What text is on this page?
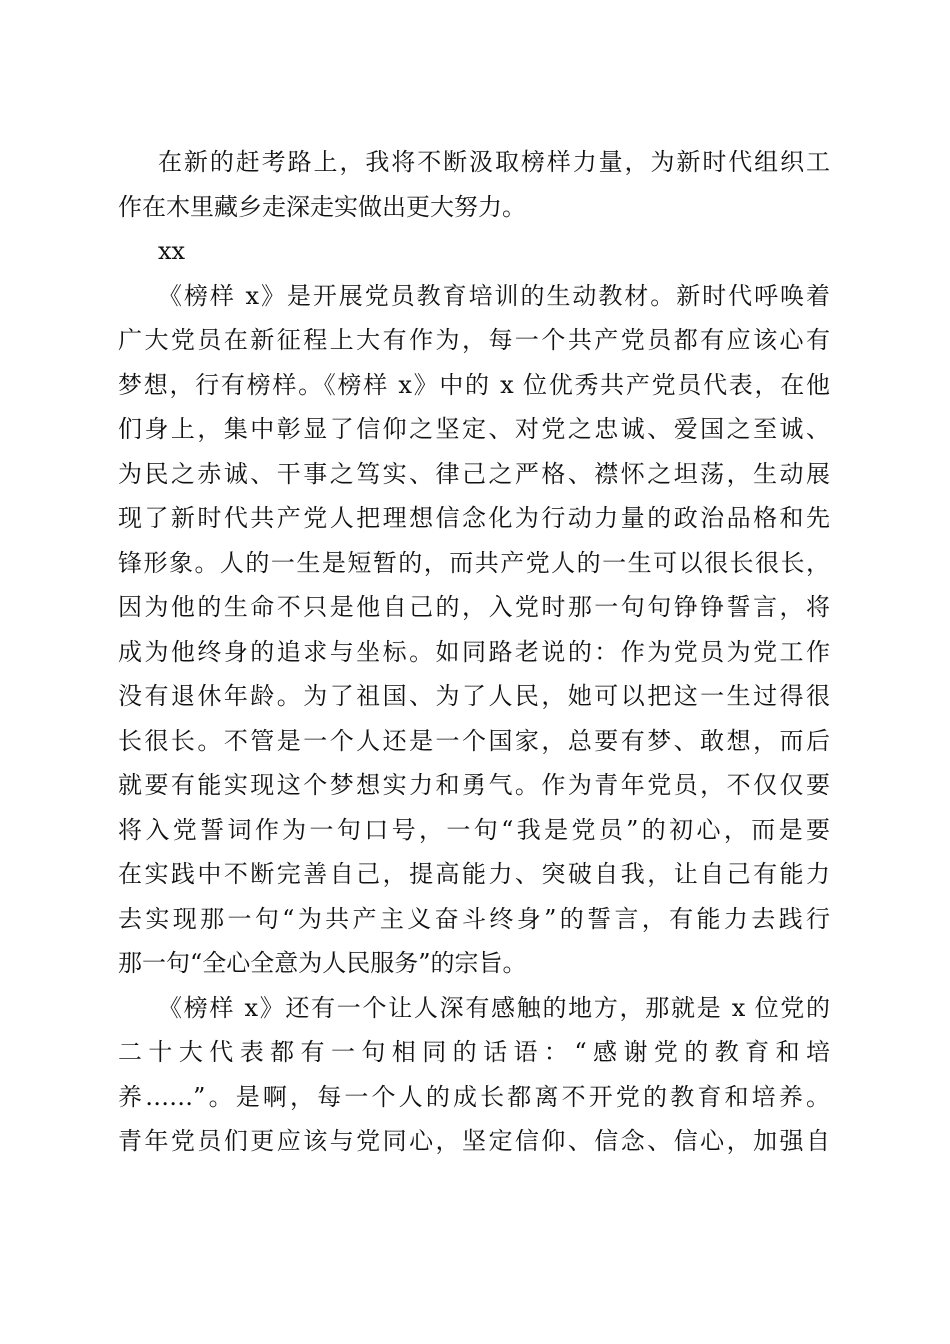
在新的赶考路上，我将不断汲取榜样力量，为新时代组织工
作在木里藏乡走深走实做出更大努力。
xx
《榜样 x》是开展党员教育培训的生动教材。新时代呼唤着
广大党员在新征程上大有作为，每一个共产党员都有应该心有
梦想，行有榜样。《榜样 x》中的 x 位优秀共产党员代表，在他
们身上，集中彰显了信仰之坚定、对党之忠诚、爱国之至诚、
为民之赤诚、干事之笃实、律己之严格、襟怀之坦荡，生动展
现了新时代共产党人把理想信念化为行动力量的政治品格和先
锋形象。人的一生是短暂的，而共产党人的一生可以很长很长，
因为他的生命不只是他自己的，入党时那一句句铮铮誓言，将
成为他终身的追求与坐标。如同路老说的：作为党员为党工作
没有退休年龄。为了祖国、为了人民，她可以把这一生过得很
长很长。不管是一个人还是一个国家，总要有梦、敢想，而后
就要有能实现这个梦想实力和勇气。作为青年党员，不仅仅要
将入党誓词作为一句口号，一句“我是党员”的初心，而是要
在实践中不断完善自己，提高能力、突破自我，让自己有能力
去实现那一句“为共产主义奋斗终身”的誓言，有能力去践行
那一句“全心全意为人民服务”的宗旨。
《榜样 x》还有一个让人深有感触的地方，那就是 x 位党的
二十大代表都有一句相同的话语：“感谢党的教育和培
养……”。是啊，每一个人的成长都离不开党的教育和培养。
青年党员们更应该与党同心，坚定信仰、信念、信心，加强自
